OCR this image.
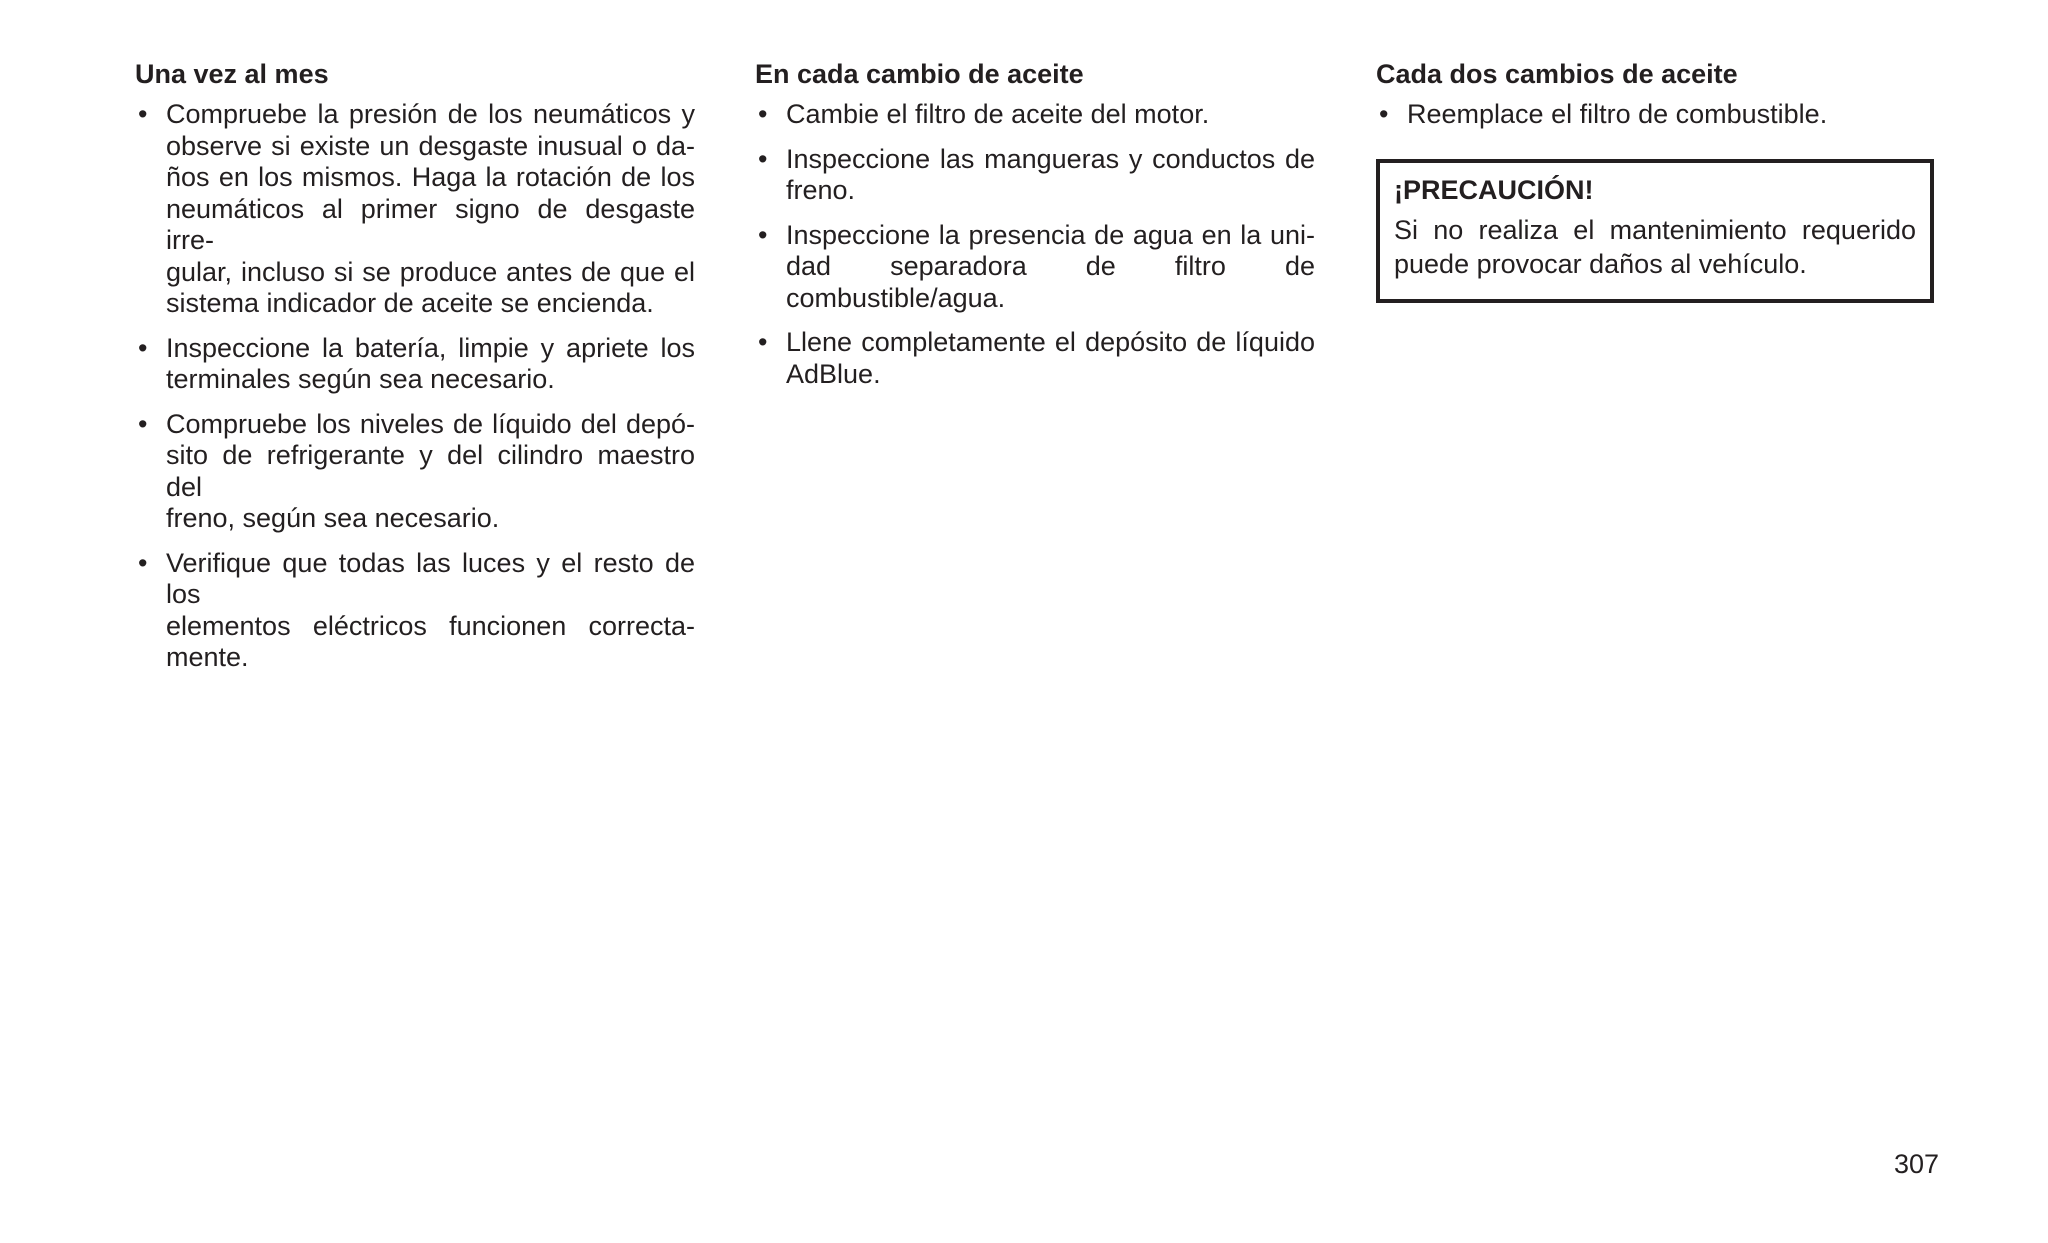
Una vez al mes
• Compruebe la presión de los neumáticos y
observe si existe un desgaste inusual o da-
ños en los mismos. Haga la rotación de los
neumáticos al primer signo de desgaste irre-
gular, incluso si se produce antes de que el
sistema indicador de aceite se encienda.
• Inspeccione la batería, limpie y apriete los
terminales según sea necesario.
• Compruebe los niveles de líquido del depó-
sito de refrigerante y del cilindro maestro del
freno, según sea necesario.
• Verifique que todas las luces y el resto de los
elementos eléctricos funcionen correcta-
mente.
En cada cambio de aceite
• Cambie el filtro de aceite del motor.
• Inspeccione las mangueras y conductos de
freno.
• Inspeccione la presencia de agua en la uni-
dad separadora de filtro de
combustible/agua.
• Llene completamente el depósito de líquido
AdBlue.
Cada dos cambios de aceite
• Reemplace el filtro de combustible.
¡PRECAUCIÓN!
Si no realiza el mantenimiento requerido
puede provocar daños al vehículo.
307
